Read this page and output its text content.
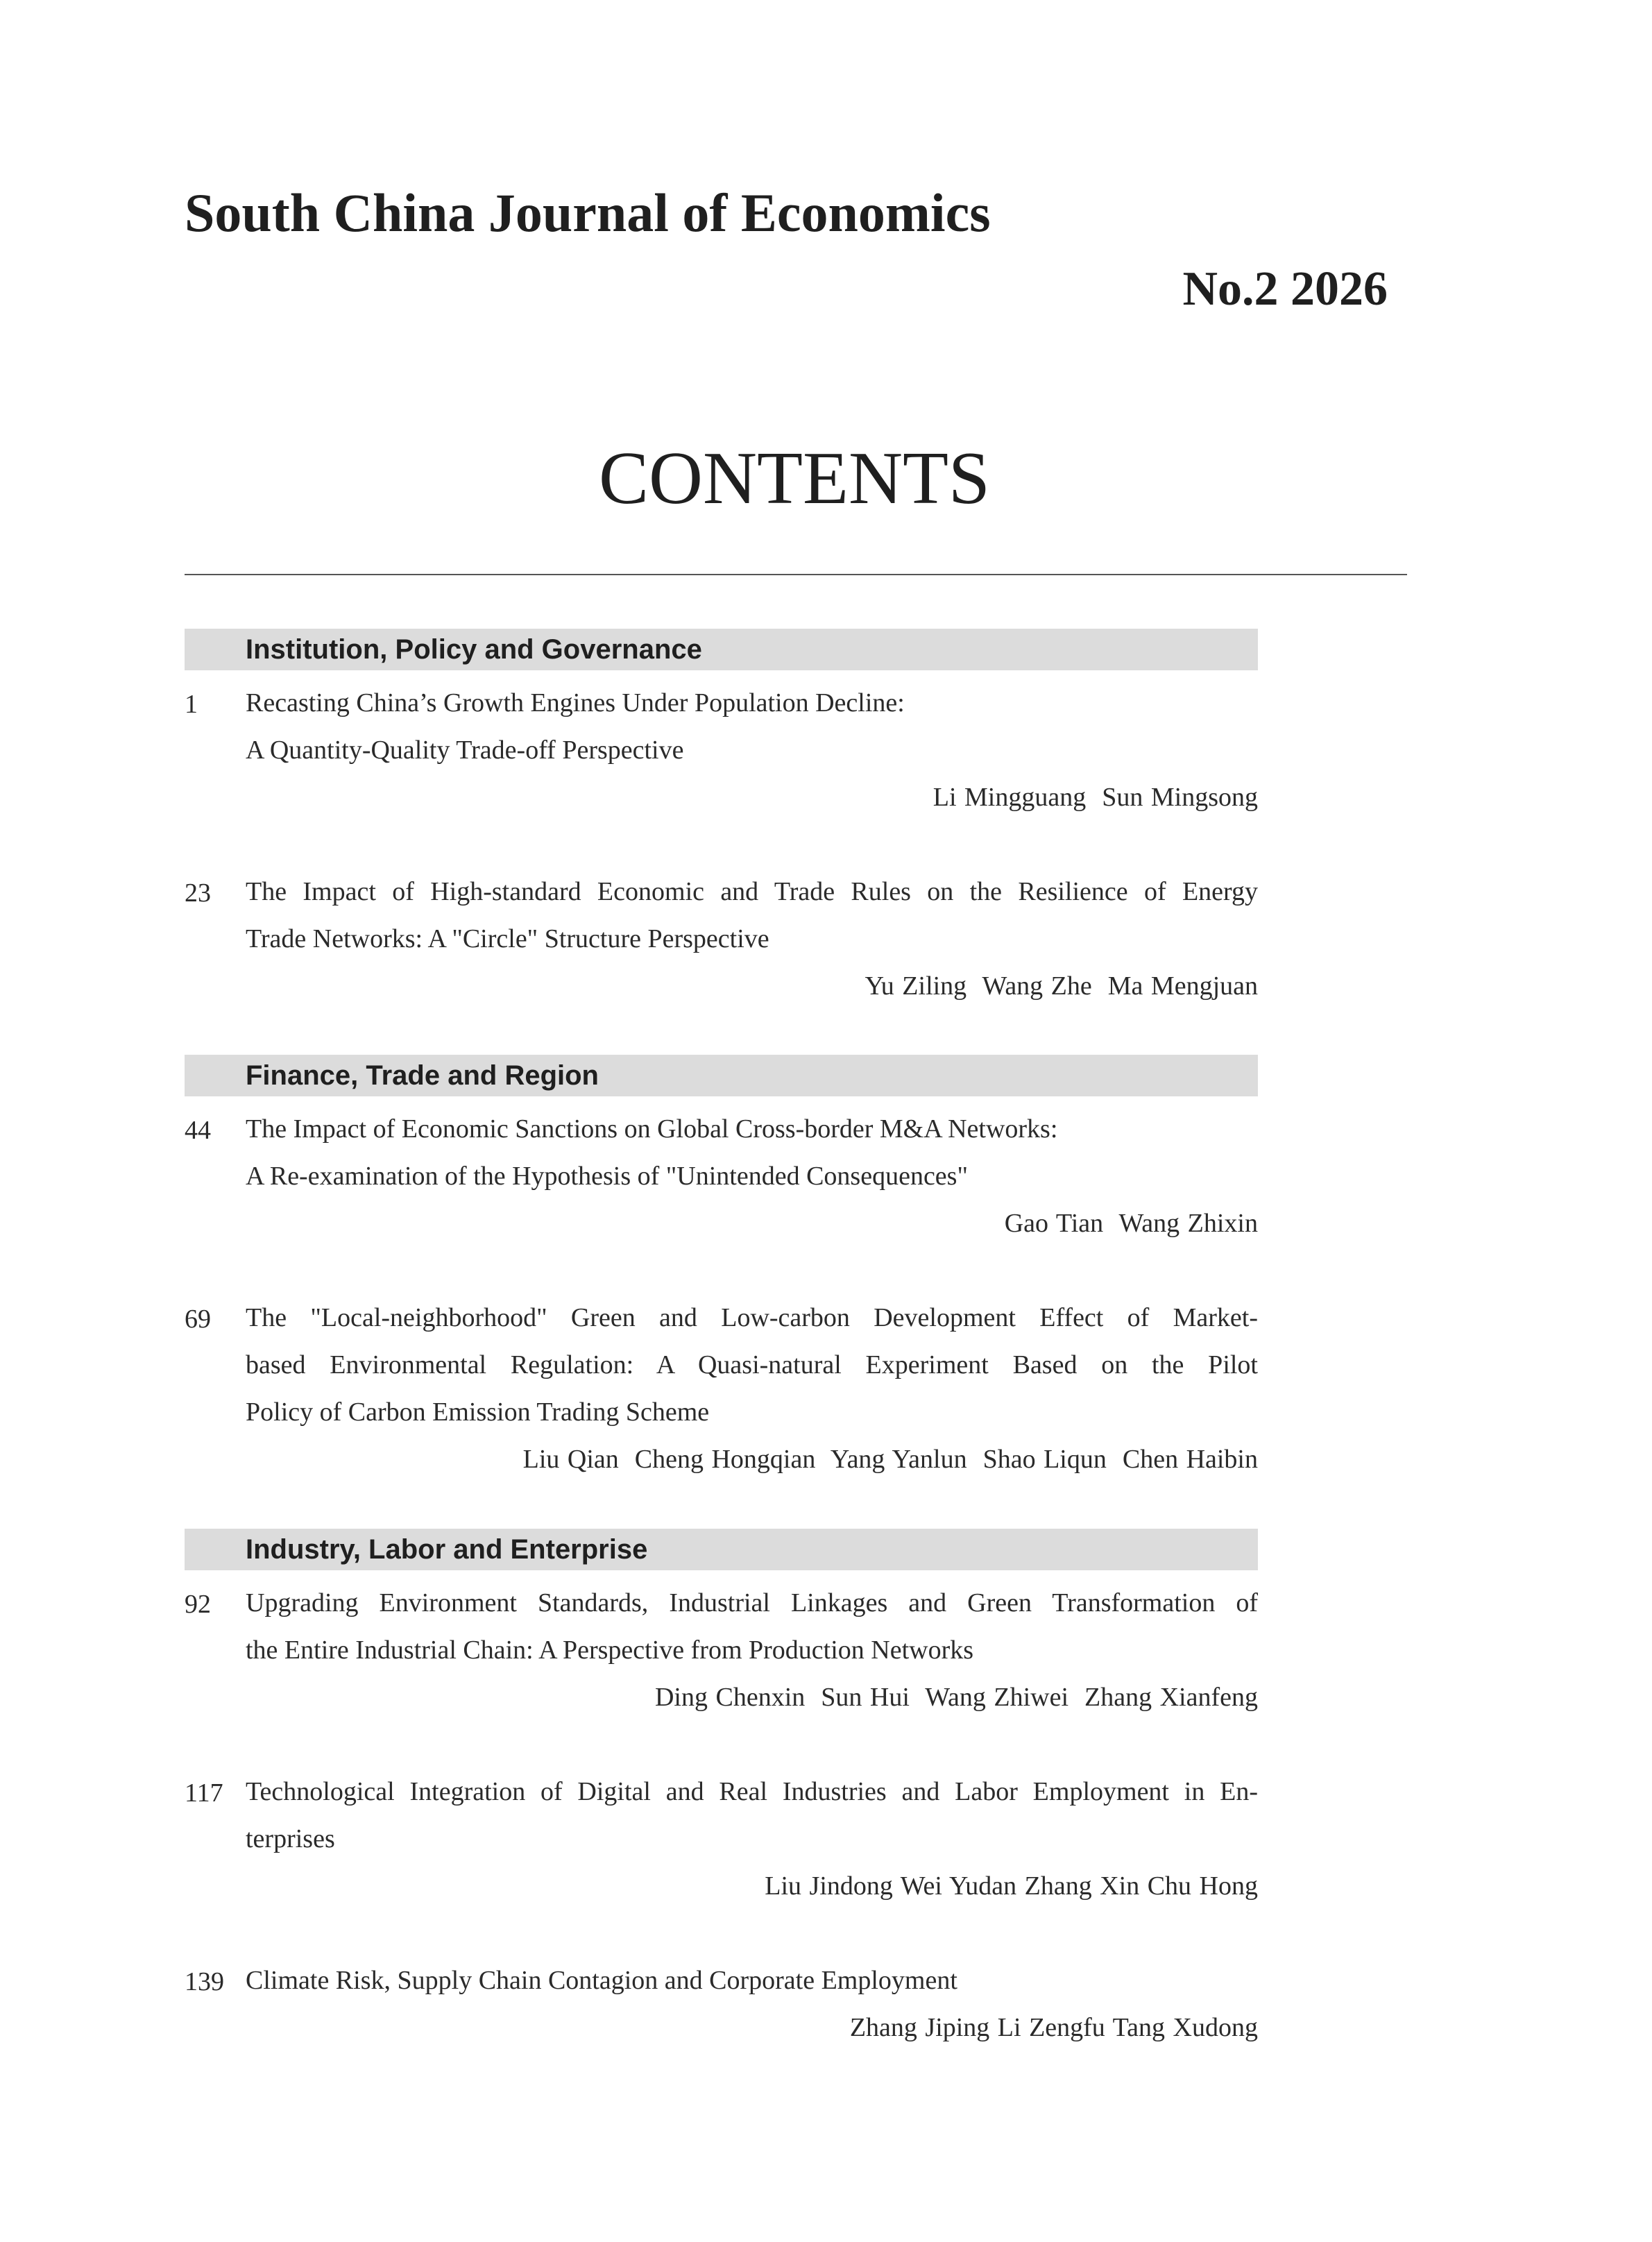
South China Journal of Economics
No.2 2026
CONTENTS
Institution, Policy and Governance
1 Recasting China’s Growth Engines Under Population Decline:
A Quantity-Quality Trade-off Perspective
Li Mingguang  Sun Mingsong
23 The Impact of High-standard Economic and Trade Rules on the Resilience of Energy
Trade Networks: A "Circle" Structure Perspective
Yu Ziling  Wang Zhe  Ma Mengjuan
Finance, Trade and Region
44 The Impact of Economic Sanctions on Global Cross-border M&A Networks:
A Re-examination of the Hypothesis of "Unintended Consequences"
Gao Tian  Wang Zhixin
69 The "Local-neighborhood" Green and Low-carbon Development Effect of Market-
based Environmental Regulation: A Quasi-natural Experiment Based on the Pilot
Policy of Carbon Emission Trading Scheme
Liu Qian  Cheng Hongqian  Yang Yanlun  Shao Liqun  Chen Haibin
Industry, Labor and Enterprise
92 Upgrading Environment Standards, Industrial Linkages and Green Transformation of
the Entire Industrial Chain: A Perspective from Production Networks
Ding Chenxin  Sun Hui  Wang Zhiwei  Zhang Xianfeng
117 Technological Integration of Digital and Real Industries and Labor Employment in En-
terprises
Liu Jindong Wei Yudan Zhang Xin Chu Hong
139 Climate Risk, Supply Chain Contagion and Corporate Employment
Zhang Jiping Li Zengfu Tang Xudong
